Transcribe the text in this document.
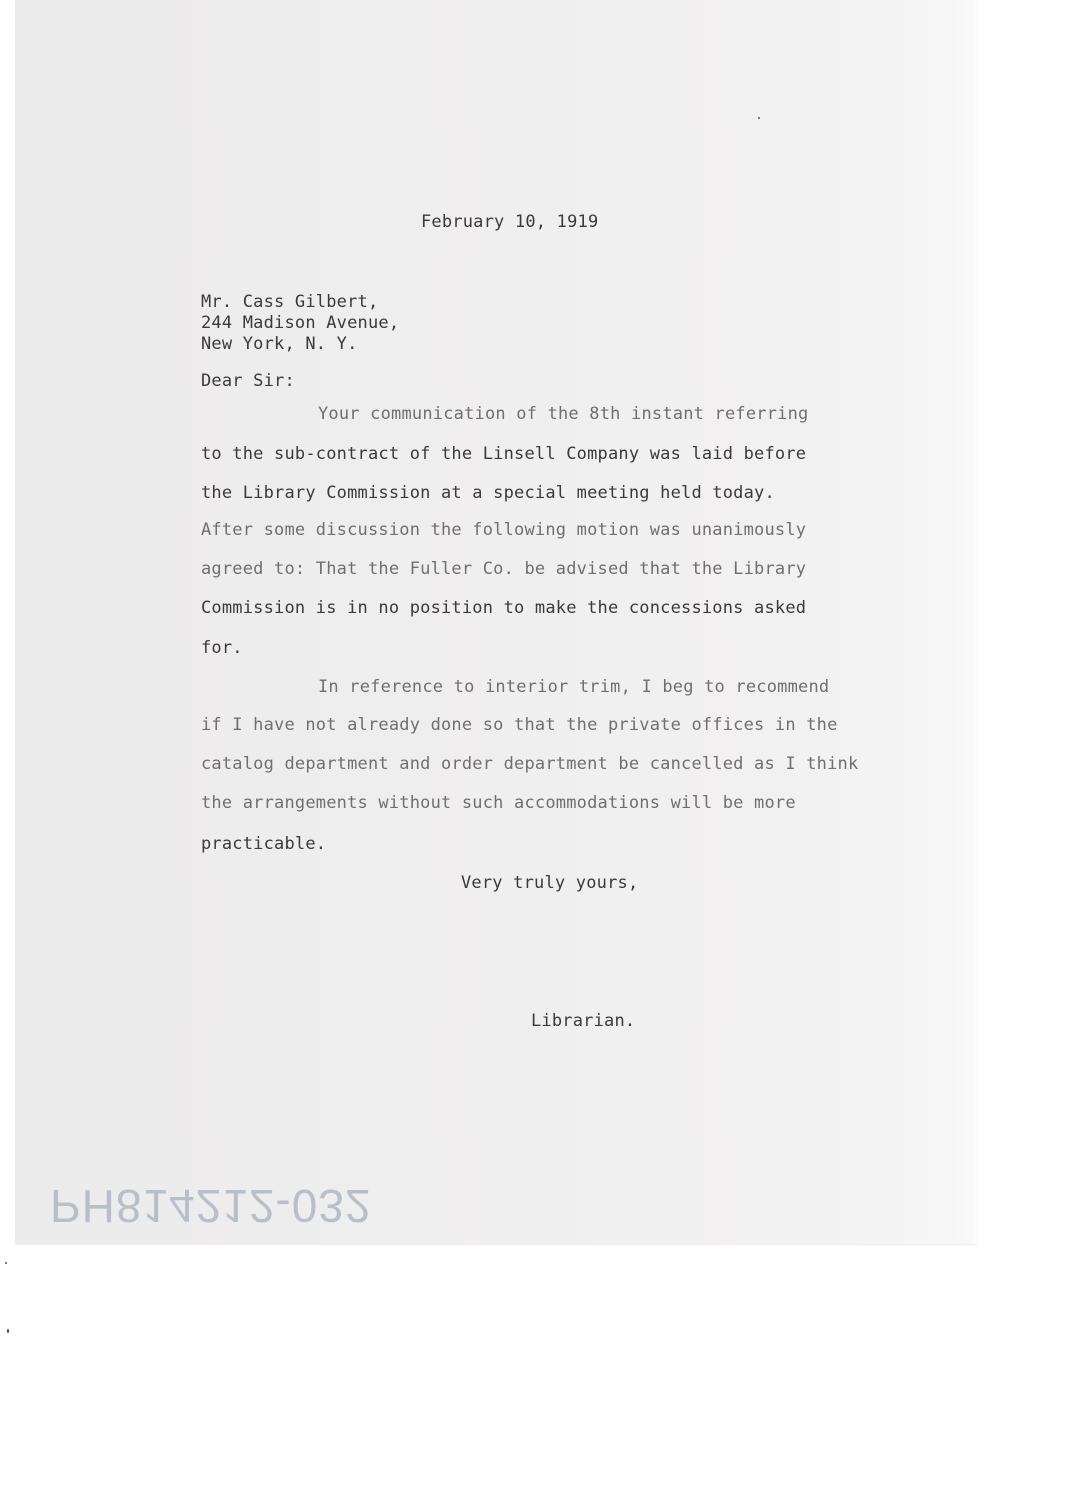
February 10, 1919
Mr. Cass Gilbert,
244 Madison Avenue,
New York, N. Y.
Dear Sir:
Your communication of the 8th instant referring
to the sub-contract of the Linsell Company was laid before
the Library Commission at a special meeting held today.
After some discussion the following motion was unanimously
agreed to: That the Fuller Co. be advised that the Library
Commission is in no position to make the concessions asked
for.
In reference to interior trim, I beg to recommend
if I have not already done so that the private offices in the
catalog department and order department be cancelled as I think
the arrangements without such accommodations will be more
practicable.
Very truly yours,
Librarian.
PH814212-032
